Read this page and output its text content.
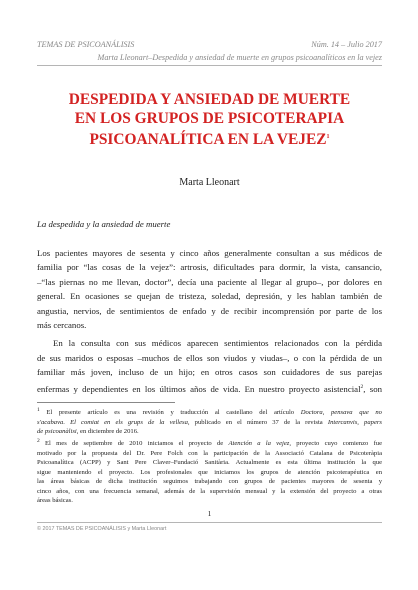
TEMAS DE PSICOANÁLISIS	Núm. 14 – Julio 2017
Marta Lleonart–Despedida y ansiedad de muerte en grupos psicoanalíticos en la vejez
DESPEDIDA Y ANSIEDAD DE MUERTE
EN LOS GRUPOS DE PSICOTERAPIA
PSICOANALÍTICA EN LA VEJEZ$^1$
Marta Lleonart
La despedida y la ansiedad de muerte
Los pacientes mayores de sesenta y cinco años generalmente consultan a sus médicos de
familia por “las cosas de la vejez”: artrosis, dificultades para dormir, la vista, cansancio,
–“las piernas no me llevan, doctor”, decía una paciente al llegar al grupo–, por dolores en
general. En ocasiones se quejan de tristeza, soledad, depresión, y les hablan también de
angustia, nervios, de sentimientos de enfado y de recibir incomprensión por parte de los
más cercanos.
En la consulta con sus médicos aparecen sentimientos relacionados con la pérdida
de sus maridos o esposas –muchos de ellos son viudos y viudas–, o con la pérdida de un
familiar más joven, incluso de un hijo; en otros casos son cuidadores de sus parejas
enfermas y dependientes en los últimos años de vida. En nuestro proyecto asistencial$^2$, son
$^1$ El presente artículo es una revisión y traducción al castellano del artículo Doctora, pensava que no
s'acabava. El comiat en els grups de la vellesa, publicado en el número 37 de la revista Intercanvis, papers
de psicoanàlisi, en diciembre de 2016.
$^2$ El mes de septiembre de 2010 iniciamos el proyecto de Atención a la vejez, proyecto cuyo comienzo fue
motivado por la propuesta del Dr. Pere Folch con la participación de la Associació Catalana de Psicoteràpia
Psicoanalítica (ACPP) y Sant Pere Claver–Fundació Sanitària. Actualmente es esta última institución la que
sigue manteniendo el proyecto. Los profesionales que iniciamos los grupos de atención psicoterapéutica en
las áreas básicas de dicha institución seguimos trabajando con grupos de pacientes mayores de sesenta y
cinco años, con una frecuencia semanal, además de la supervisión mensual y la extensión del proyecto a otras
áreas básicas.
1
© 2017 TEMAS DE PSICOANÁLISIS y Marta Lleonart
